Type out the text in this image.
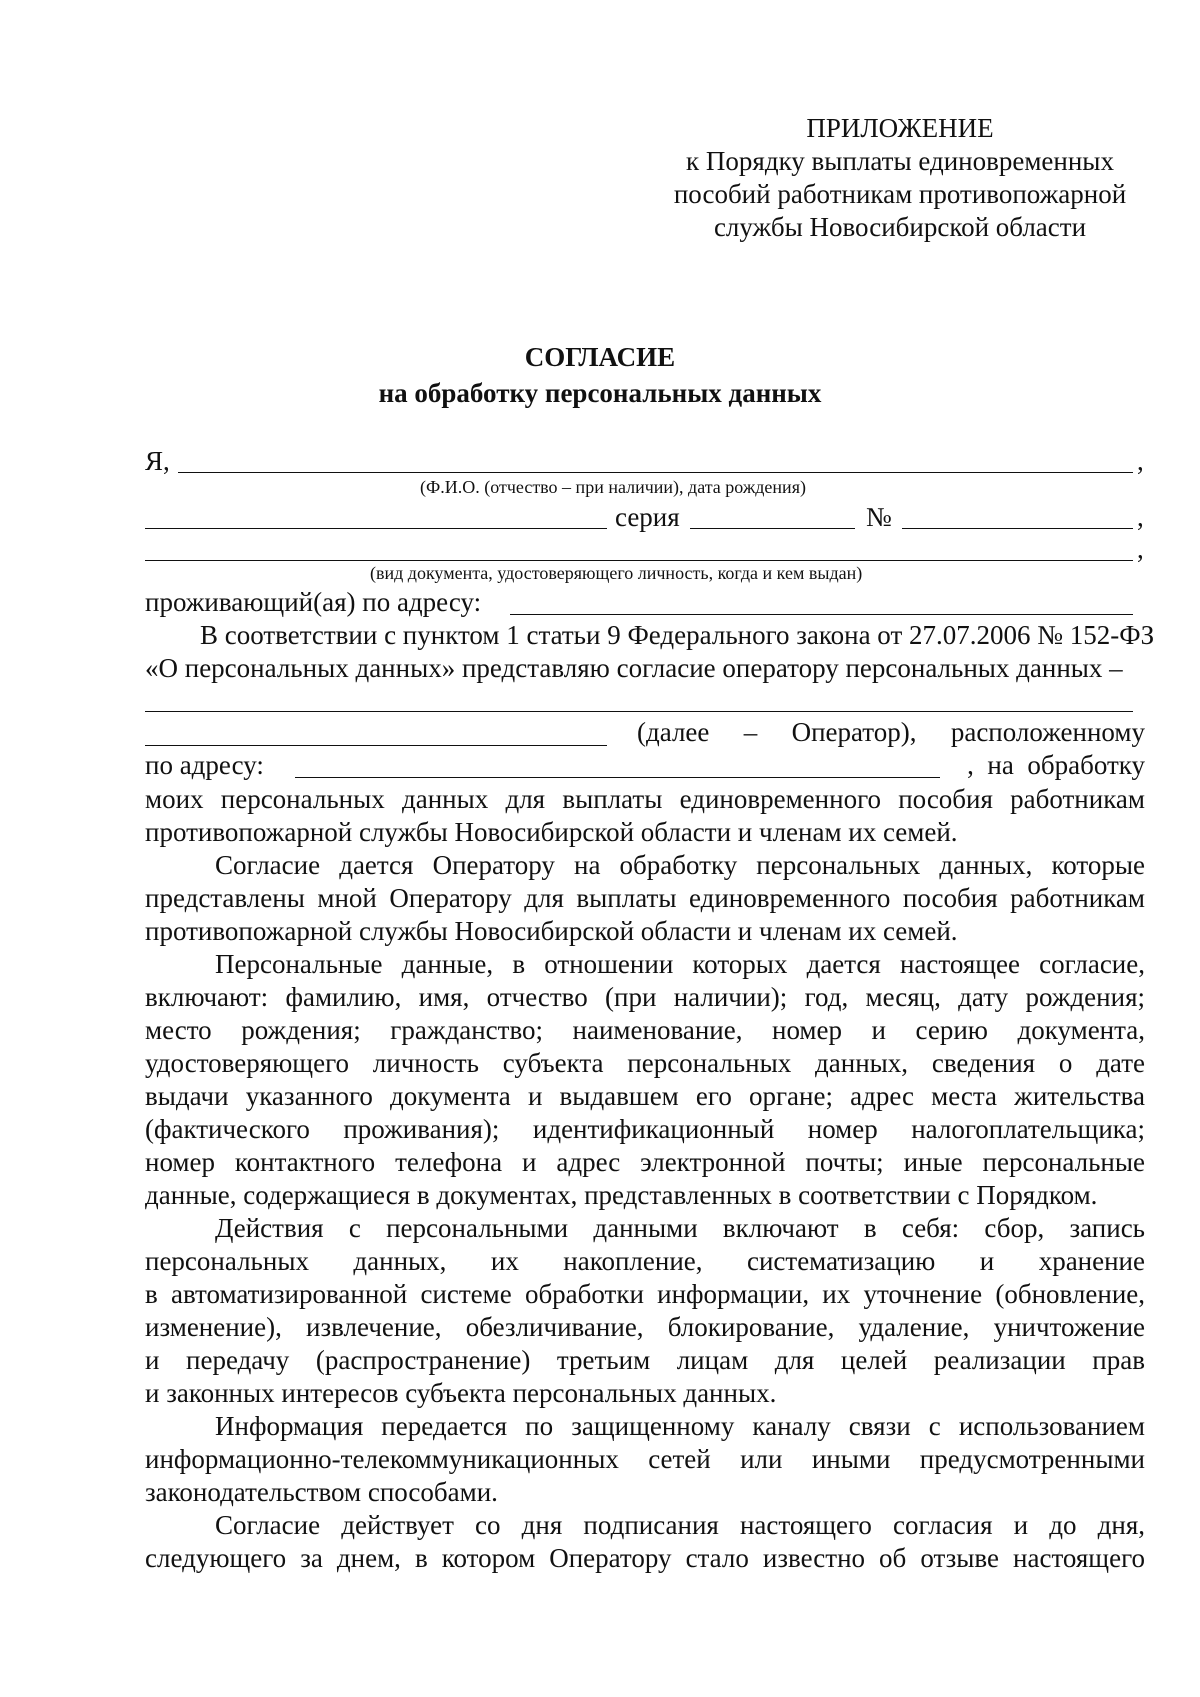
ПРИЛОЖЕНИЕ
к Порядку выплаты единовременных
пособий работникам противопожарной
службы Новосибирской области
СОГЛАСИЕ
на обработку персональных данных
Я,	,
(Ф.И.О. (отчество – при наличии), дата рождения)
серия	№	,
,
(вид документа, удостоверяющего личность, когда и кем выдан)
проживающий(ая) по адресу:
В соответствии с пунктом 1 статьи 9 Федерального закона от 27.07.2006 № 152-ФЗ
«О персональных данных» представляю согласие оператору персональных данных –
(далее – Оператор), расположенному
по адресу:	,  на  обработку
моих персональных данных для выплаты единовременного пособия работникам
противопожарной службы Новосибирской области и членам их семей.
Согласие дается Оператору на обработку персональных данных, которые
представлены мной Оператору для выплаты единовременного пособия работникам
противопожарной службы Новосибирской области и членам их семей.
Персональные данные, в отношении которых дается настоящее согласие,
включают: фамилию, имя, отчество (при наличии); год, месяц, дату рождения;
место рождения; гражданство; наименование, номер и серию документа,
удостоверяющего личность субъекта персональных данных, сведения о дате
выдачи указанного документа и выдавшем его органе; адрес места жительства
(фактического проживания); идентификационный номер налогоплательщика;
номер контактного телефона и адрес электронной почты; иные персональные
данные, содержащиеся в документах, представленных в соответствии с Порядком.
Действия с персональными данными включают в себя: сбор, запись
персональных данных, их накопление, систематизацию и хранение
в автоматизированной системе обработки информации, их уточнение (обновление,
изменение), извлечение, обезличивание, блокирование, удаление, уничтожение
и передачу (распространение) третьим лицам для целей реализации прав
и законных интересов субъекта персональных данных.
Информация передается по защищенному каналу связи с использованием
информационно-телекоммуникационных сетей или иными предусмотренными
законодательством способами.
Согласие действует со дня подписания настоящего согласия и до дня,
следующего за днем, в котором Оператору стало известно об отзыве настоящего
